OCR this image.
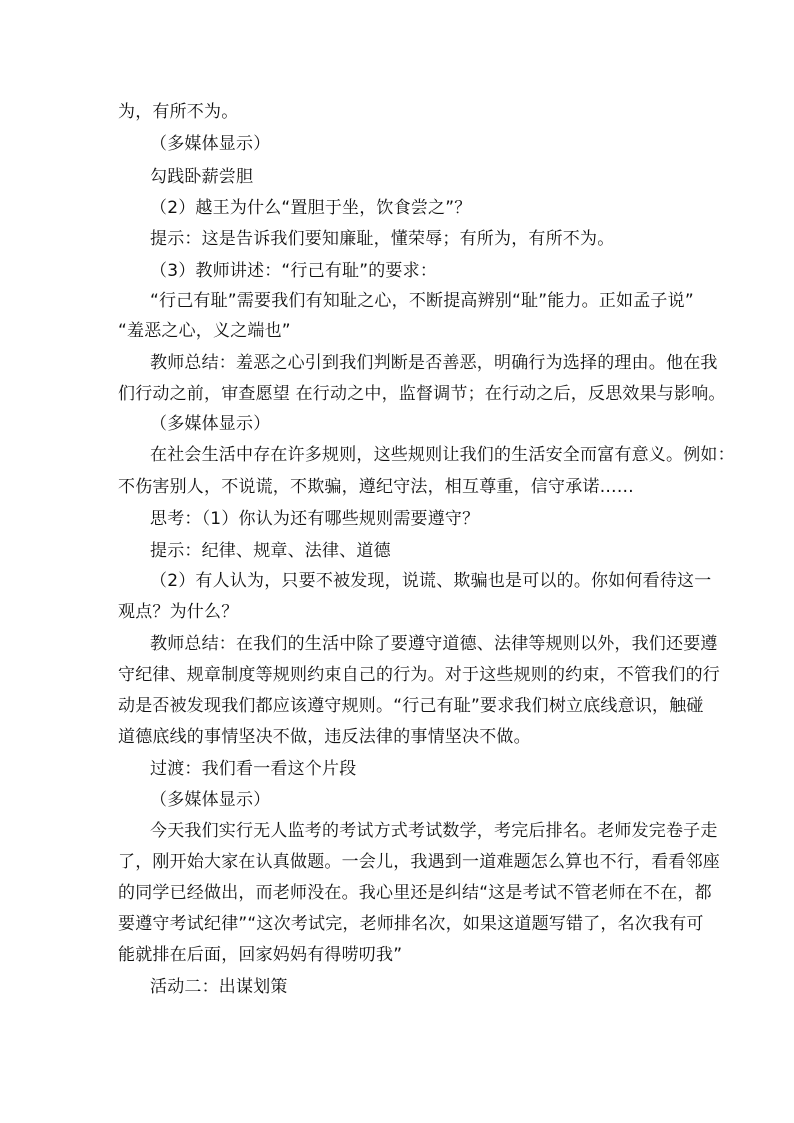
为，有所不为。
（多媒体显示）
勾践卧薪尝胆
（2）越王为什么“置胆于坐，饮食尝之”？
提示：这是告诉我们要知廉耻，懂荣辱；有所为，有所不为。
（3）教师讲述：“行己有耻”的要求：
“行己有耻”需要我们有知耻之心，不断提高辨别“耻”能力。正如孟子说”
“羞恶之心，义之端也”
教师总结：羞恶之心引到我们判断是否善恶，明确行为选择的理由。他在我
们行动之前，审查愿望 在行动之中，监督调节；在行动之后，反思效果与影响。
（多媒体显示）
在社会生活中存在许多规则，这些规则让我们的生活安全而富有意义。例如：
不伤害别人，不说谎，不欺骗，遵纪守法，相互尊重，信守承诺……
思考：（1）你认为还有哪些规则需要遵守？
提示：纪律、规章、法律、道德
（2）有人认为，只要不被发现，说谎、欺骗也是可以的。你如何看待这一
观点？为什么？
教师总结：在我们的生活中除了要遵守道德、法律等规则以外，我们还要遵
守纪律、规章制度等规则约束自己的行为。对于这些规则的约束，不管我们的行
动是否被发现我们都应该遵守规则。“行己有耻”要求我们树立底线意识，触碰
道德底线的事情坚决不做，违反法律的事情坚决不做。
过渡：我们看一看这个片段
（多媒体显示）
今天我们实行无人监考的考试方式考试数学，考完后排名。老师发完卷子走
了，刚开始大家在认真做题。一会儿，我遇到一道难题怎么算也不行，看看邻座
的同学已经做出，而老师没在。我心里还是纠结“这是考试不管老师在不在，都
要遵守考试纪律”“这次考试完，老师排名次，如果这道题写错了，名次我有可
能就排在后面，回家妈妈有得唠叨我”
活动二：出谋划策
